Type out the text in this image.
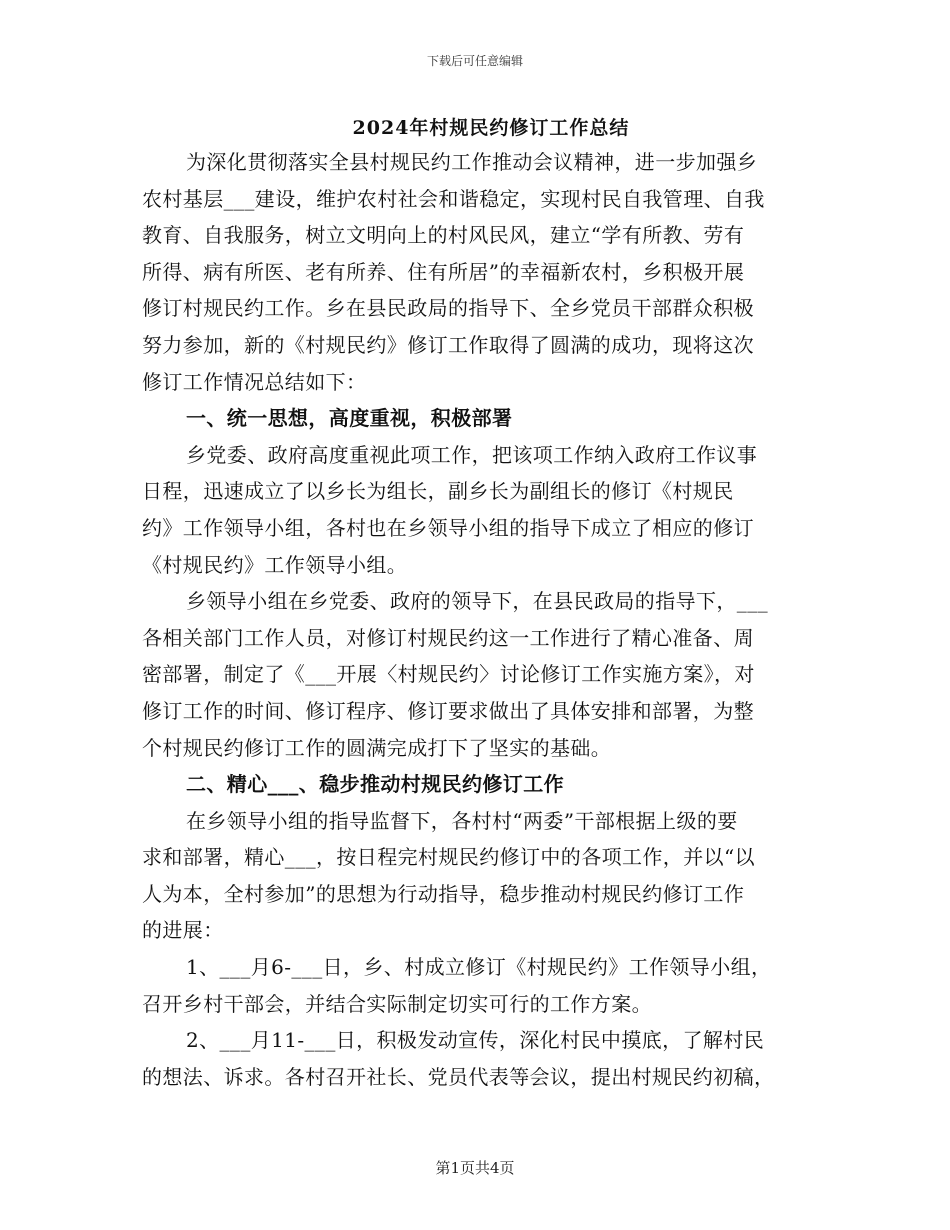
下载后可任意编辑
2024年村规民约修订工作总结
为深化贯彻落实全县村规民约工作推动会议精神，进一步加强乡
农村基层___建设，维护农村社会和谐稳定，实现村民自我管理、自我
教育、自我服务，树立文明向上的村风民风，建立“学有所教、劳有
所得、病有所医、老有所养、住有所居”的幸福新农村，乡积极开展
修订村规民约工作。乡在县民政局的指导下、全乡党员干部群众积极
努力参加，新的《村规民约》修订工作取得了圆满的成功，现将这次
修订工作情况总结如下：
一、统一思想，高度重视，积极部署
乡党委、政府高度重视此项工作，把该项工作纳入政府工作议事
日程，迅速成立了以乡长为组长，副乡长为副组长的修订《村规民
约》工作领导小组，各村也在乡领导小组的指导下成立了相应的修订
《村规民约》工作领导小组。
乡领导小组在乡党委、政府的领导下，在县民政局的指导下，___
各相关部门工作人员，对修订村规民约这一工作进行了精心准备、周
密部署，制定了《___开展〈村规民约〉讨论修订工作实施方案》，对
修订工作的时间、修订程序、修订要求做出了具体安排和部署，为整
个村规民约修订工作的圆满完成打下了坚实的基础。
二、精心___、稳步推动村规民约修订工作
在乡领导小组的指导监督下，各村村“两委”干部根据上级的要
求和部署，精心___，按日程完村规民约修订中的各项工作，并以“以
人为本，全村参加”的思想为行动指导，稳步推动村规民约修订工作
的进展：
1、___月6-___日，乡、村成立修订《村规民约》工作领导小组，
召开乡村干部会，并结合实际制定切实可行的工作方案。
2、___月11-___日，积极发动宣传，深化村民中摸底，了解村民
的想法、诉求。各村召开社长、党员代表等会议，提出村规民约初稿，
第1页共4页
